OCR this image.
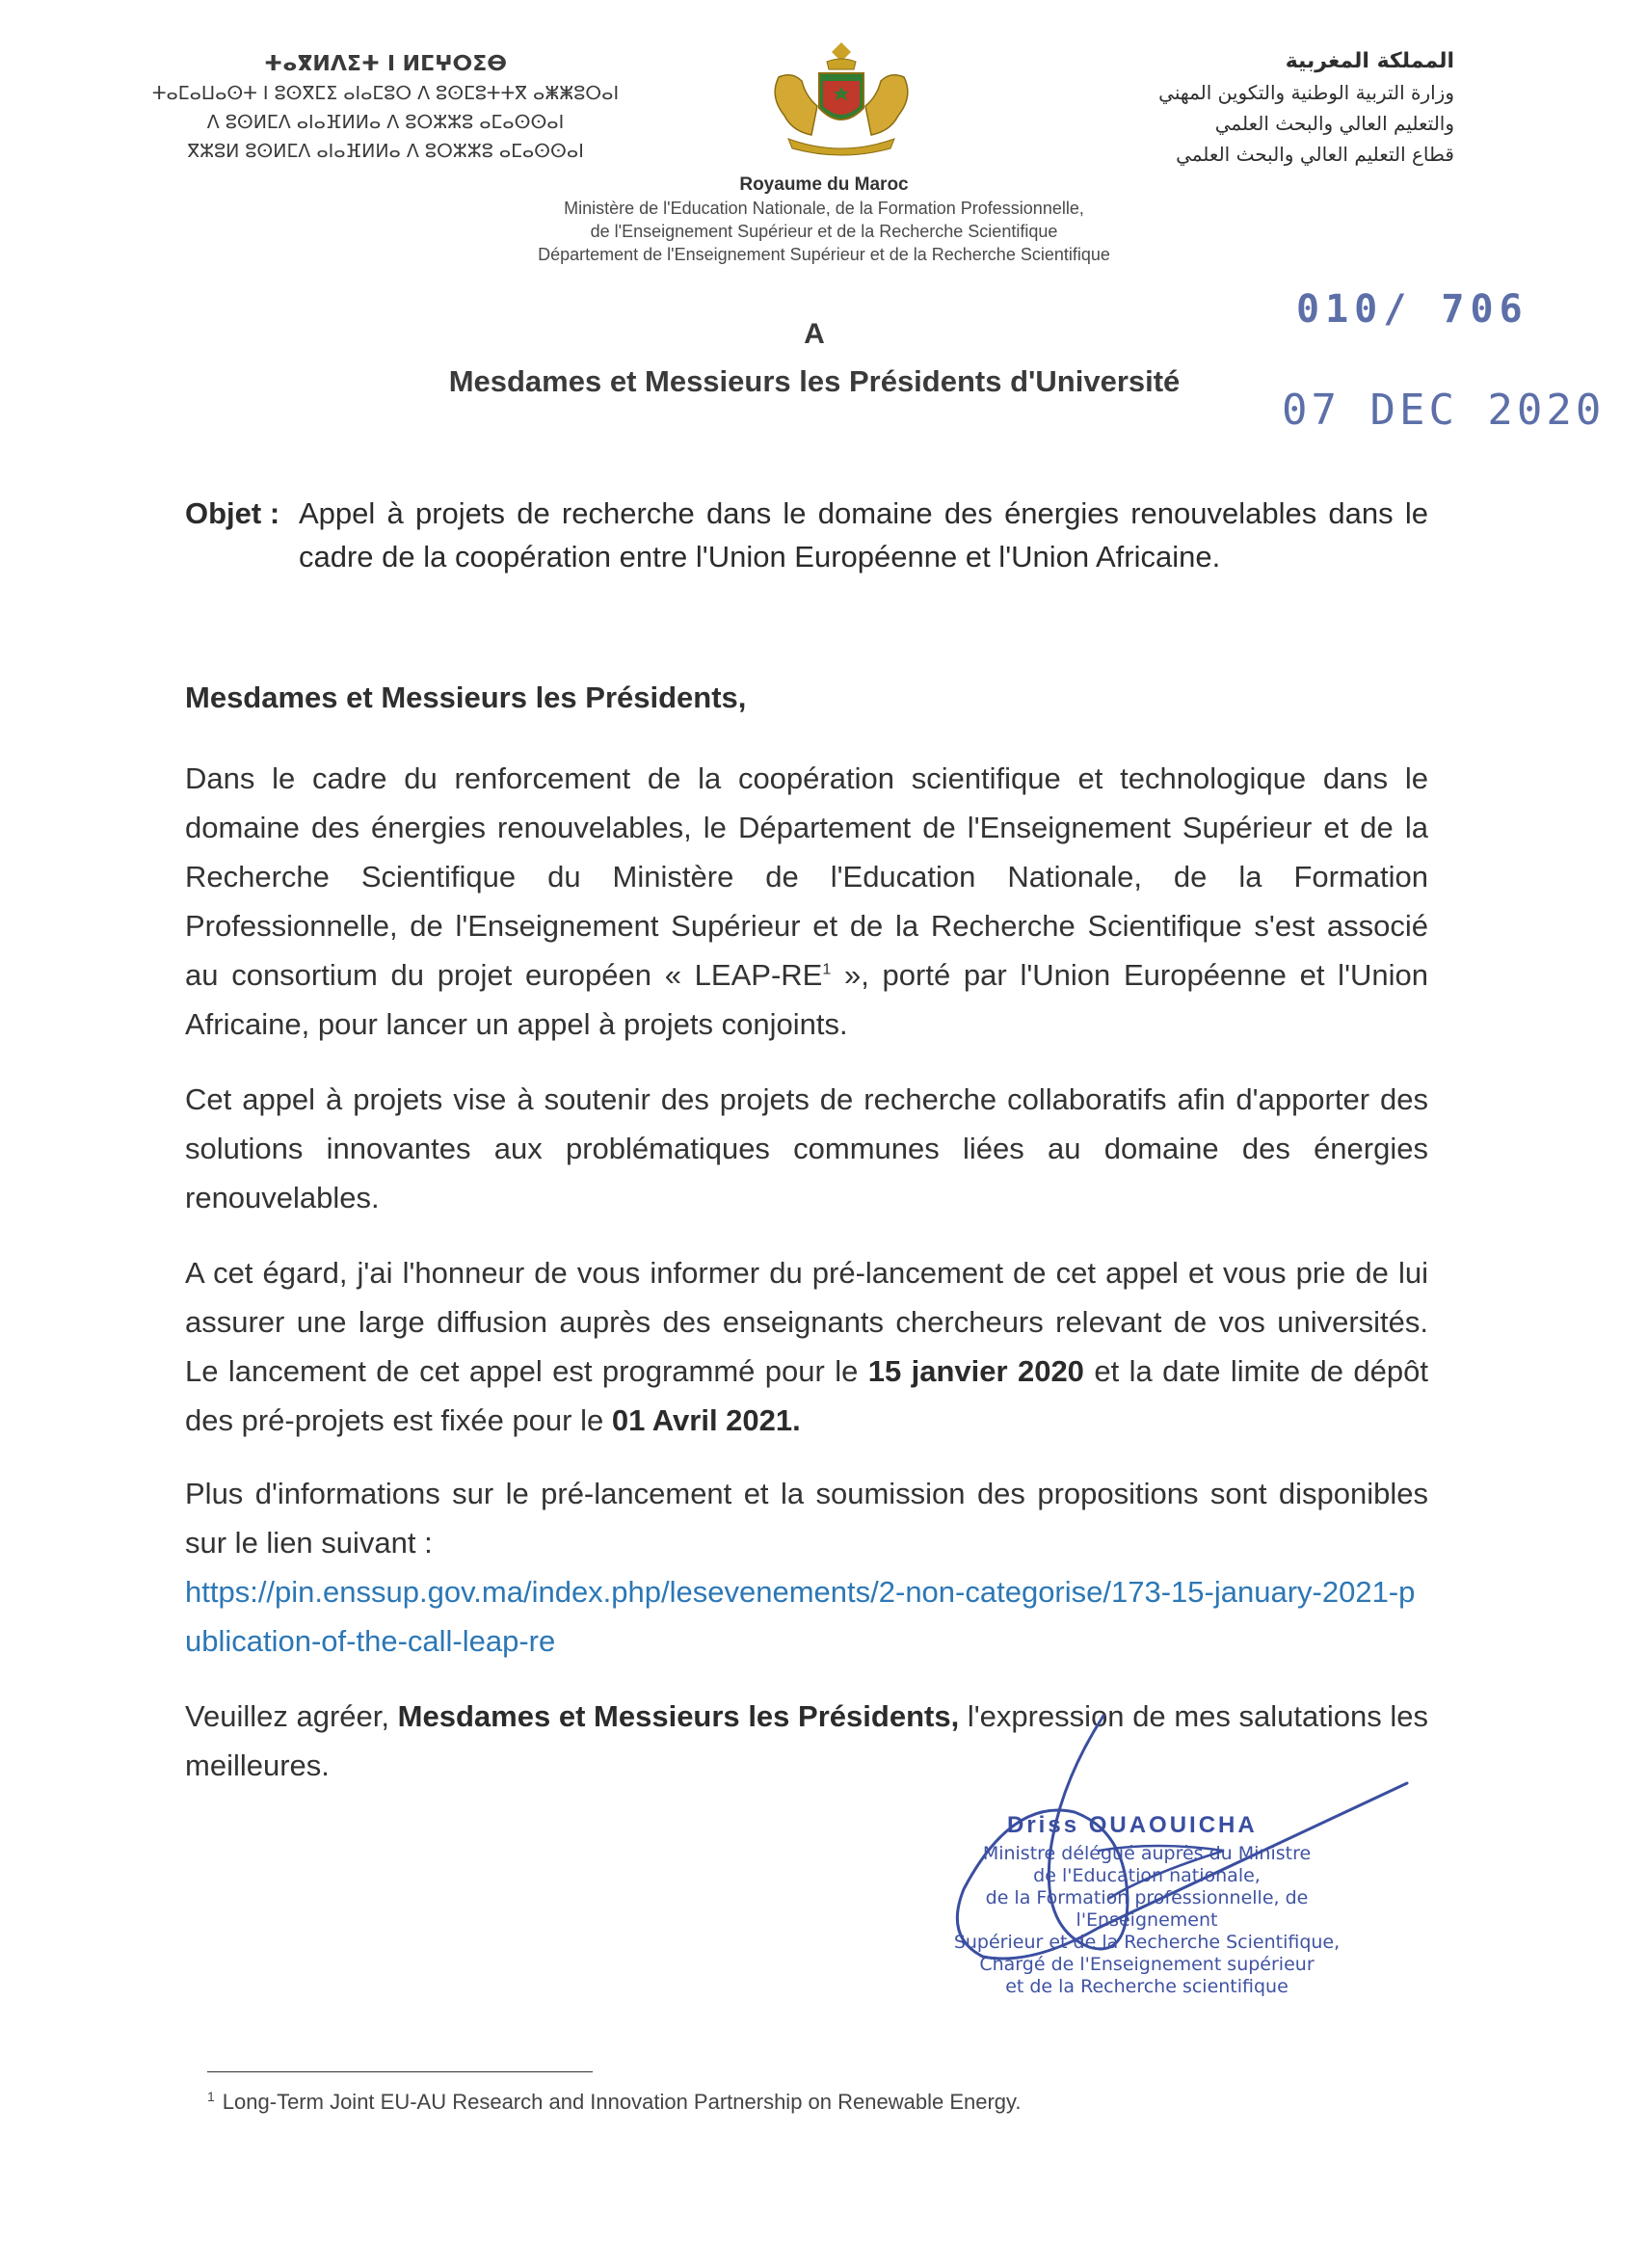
ⵜⴰⴳⵍⴷⵉⵜ ⵏ ⵍⵎⵖⵔⵉⴱ
ⵜⴰⵎⴰⵡⴰⵙⵜ ⵏ ⵓⵙⴳⵎⵉ ⴰⵏⴰⵎⵓⵔ ⴷ ⵓⵙⵎⵓⵜⵜⴳ ⴰⵥⵥⵓⵔⴰⵏ
ⴷ ⵓⵙⵍⵎⴷ ⴰⵏⴰⴼⵍⵍⴰ ⴷ ⵓⵔⵣⵣⵓ ⴰⵎⴰⵙⵙⴰⵏ
ⴳⵣⵓⵍ ⵓⵙⵍⵎⴷ ⴰⵏⴰⴼⵍⵍⴰ ⴷ ⵓⵔⵣⵣⵓ ⴰⵎⴰⵙⵙⴰⵏ
المملكة المغربية
وزارة التربية الوطنية والتكوين المهني
والتعليم العالي والبحث العلمي
قطاع التعليم العالي والبحث العلمي
Royaume du Maroc
Ministère de l'Education Nationale, de la Formation Professionnelle,
de l'Enseignement Supérieur et de la Recherche Scientifique
Département de l'Enseignement Supérieur et de la Recherche Scientifique
010/ 706
07 DEC 2020
A
Mesdames et Messieurs les Présidents d'Université
Objet : Appel à projets de recherche dans le domaine des énergies renouvelables dans le cadre de la coopération entre l'Union Européenne et l'Union Africaine.
Mesdames et Messieurs les Présidents,
Dans le cadre du renforcement de la coopération scientifique et technologique dans le domaine des énergies renouvelables, le Département de l'Enseignement Supérieur et de la Recherche Scientifique du Ministère de l'Education Nationale, de la Formation Professionnelle, de l'Enseignement Supérieur et de la Recherche Scientifique s'est associé au consortium du projet européen « LEAP-$RE^1$ », porté par l'Union Européenne et l'Union Africaine, pour lancer un appel à projets conjoints.
Cet appel à projets vise à soutenir des projets de recherche collaboratifs afin d'apporter des solutions innovantes aux problématiques communes liées au domaine des énergies renouvelables.
A cet égard, j'ai l'honneur de vous informer du pré-lancement de cet appel et vous prie de lui assurer une large diffusion auprès des enseignants chercheurs relevant de vos universités. Le lancement de cet appel est programmé pour le 15 janvier 2020 et la date limite de dépôt des pré-projets est fixée pour le 01 Avril 2021.
Plus d'informations sur le pré-lancement et la soumission des propositions sont disponibles sur le lien suivant :
https://pin.enssup.gov.ma/index.php/lesevenements/2-non-categorise/173-15-january-2021-publication-of-the-call-leap-re
Veuillez agréer, Mesdames et Messieurs les Présidents, l'expression de mes salutations les meilleures.
Driss OUAOUICHA
Ministre délégué auprès du Ministre
de l'Education nationale,
de la Formation professionnelle, de l'Enseignement
Supérieur et de la Recherche Scientifique,
Chargé de l'Enseignement supérieur
et de la Recherche scientifique
$^1$ Long-Term Joint EU-AU Research and Innovation Partnership on Renewable Energy.
